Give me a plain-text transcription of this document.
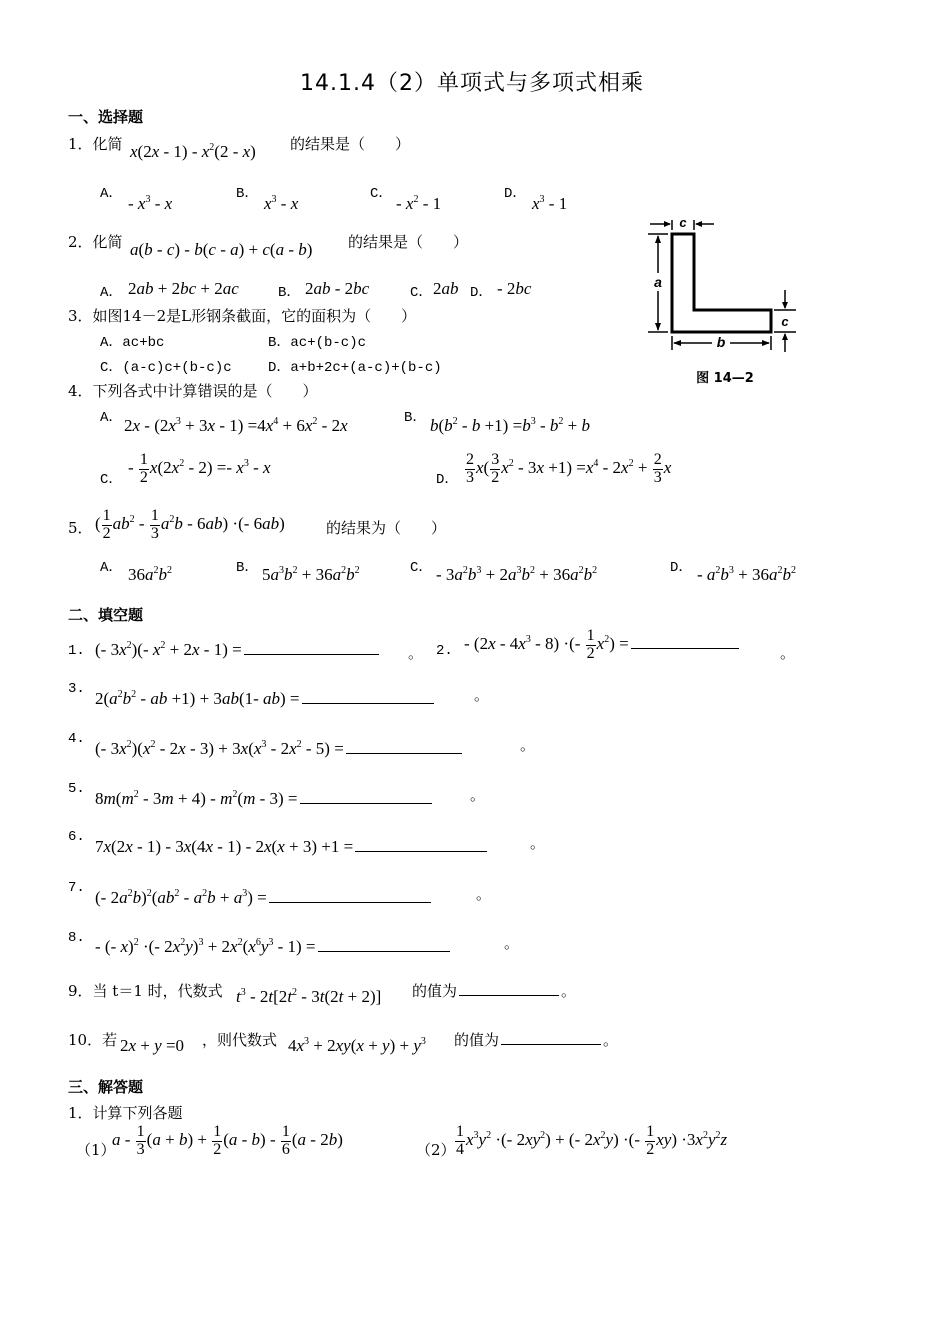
14.1.4（2）单项式与多项式相乘
一、选择题
1．化简 $x(2x - 1) - x^2(2 - x)$ 的结果是（　　）
A． - $x^3$ - x	B． $x^3$ - x	C． - $x^2 - 1$	D． $x^3 - 1$
2．化简 a(b - c) - b(c - a) + c(a - b) 的结果是（　　）
A． 2ab + 2bc + 2ac	B． 2ab - 2bc	C． 2ab D． - 2bc
3．如图14－2是L形钢条截面，它的面积为（　　）
A．ac+bc	B．ac+(b-c)c
C．(a-c)c+(b-c)c	D．a+b+2c+(a-c)+(b-c)
c
a
b
c
图 14—2
4．下列各式中计算错误的是（　　）
A． $2x - (2x^3 + 3x - 1) =4x^4 + 6x^2 - 2x$	B． $b(b^2 - b +1) =b^3 - b^2 + b$
C．
- $\frac{1}{2} x(2x^2 - 2) =- x^3 - x$
D． $\frac{2}{3} x( \frac{3}{2} x^2 - 3x +1) =x^4 - 2x^2 + \frac{2}{3}$ x
5． ( $\frac{1}{2} ab^2 - \frac{1}{3} a^2b - 6ab$) ·(- 6ab)	的结果为（　　）
A． $36a^2b^2$	B． $5a^3b^2 + 36a^2b^2$	C． - $3a^2b^3 + 2a^3b^2 + 36a^2b^2$	D． - $a^2b^3 + 36a^2b^2$
二、填空题
1. (- $3x^2)(-$ $x^2 + 2x - 1$) =	。 2. - $(2x - 4x^3 - 8)$ ·(- $\frac{1}{2} x^2$) =	。
3. $2(a^2b^2$ - ab +1) + 3ab(1- ab) =	。
4. (- $3x^2)(x^2 - 2x - 3) + 3x(x^3 - 2x^2 - 5)$ =	。
5. $8m(m^2 - 3m + 4) - m^2(m - 3)$ =	。
6. 7x(2x - 1) - 3x(4x - 1) - 2x(x + 3) +1 =	。
7. (- $2a^2b)^2(ab^2 - a^2b + a^3)$ =	。
8. - (- x)$^2$ ·(- $2x^2y)^3 + 2x^2(x^6y^3 - 1)$ =	。
9．当 t＝1 时，代数式 $t^3 - 2t[2t^2 - 3t(2t + 2)]$ 的值为	。
10．若 2x + y =0 ，则代数式 $4x^3 + 2xy(x + y) + y^3$ 的值为	。
三、解答题
1．计算下列各题
（1）
$a - \frac{1}{3} (a + b) + \frac{1}{2} (a - b) - \frac{1}{6} (a - 2b)$
$(2) \frac{1}{4} x^3y^2$ ·(- $2xy^2$) + (- $2x^2y$) ·(- $\frac{1}{2} xy) \cdot 3x^2y^2z$
